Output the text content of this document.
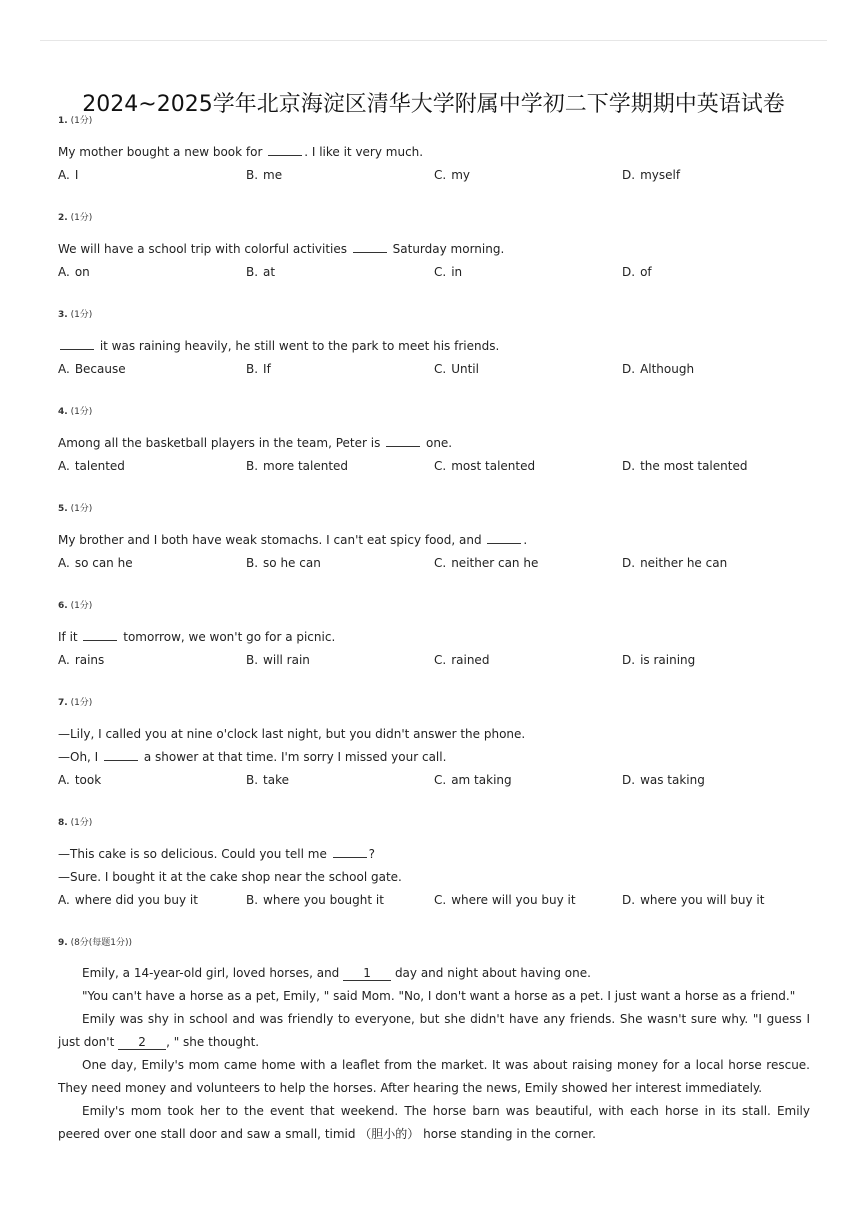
2024~2025学年北京海淀区清华大学附属中学初二下学期期中英语试卷
1. (1分)
My mother bought a new book for	. I like it very much.
A. I	B. me	C. my	D. myself
2. (1分)
We will have a school trip with colorful activities	Saturday morning.
A. on	B. at	C. in	D. of
3. (1分)
it was raining heavily, he still went to the park to meet his friends.
A. Because	B. If	C. Until	D. Although
4. (1分)
Among all the basketball players in the team, Peter is	one.
A. talented	B. more talented	C. most talented	D. the most talented
5. (1分)
My brother and I both have weak stomachs. I can't eat spicy food, and	.
A. so can he	B. so he can	C. neither can he	D. neither he can
6. (1分)
If it	tomorrow, we won't go for a picnic.
A. rains	B. will rain	C. rained	D. is raining
7. (1分)
—Lily, I called you at nine o'clock last night, but you didn't answer the phone.
—Oh, I	a shower at that time. I'm sorry I missed your call.
A. took	B. take	C. am taking	D. was taking
8. (1分)
—This cake is so delicious. Could you tell me	?
—Sure. I bought it at the cake shop near the school gate.
A. where did you buy it	B. where you bought it	C. where will you buy it	D. where you will buy it
9. (8分(每题1分))

Emily, a 14-year-old girl, loved horses, and 1 day and night about having one.

"You can't have a horse as a pet, Emily, " said Mom. "No, I don't want a horse as a pet. I just want a horse as a friend."

Emily was shy in school and was friendly to everyone, but she didn't have any friends. She wasn't sure why. "I guess I just don't 2 , " she thought.

One day, Emily's mom came home with a leaflet from the market. It was about raising money for a local horse rescue. They need money and volunteers to help the horses. After hearing the news, Emily showed her interest immediately.

Emily's mom took her to the event that weekend. The horse barn was beautiful, with each horse in its stall. Emily peered over one stall door and saw a small, timid （胆小的） horse standing in the corner.
